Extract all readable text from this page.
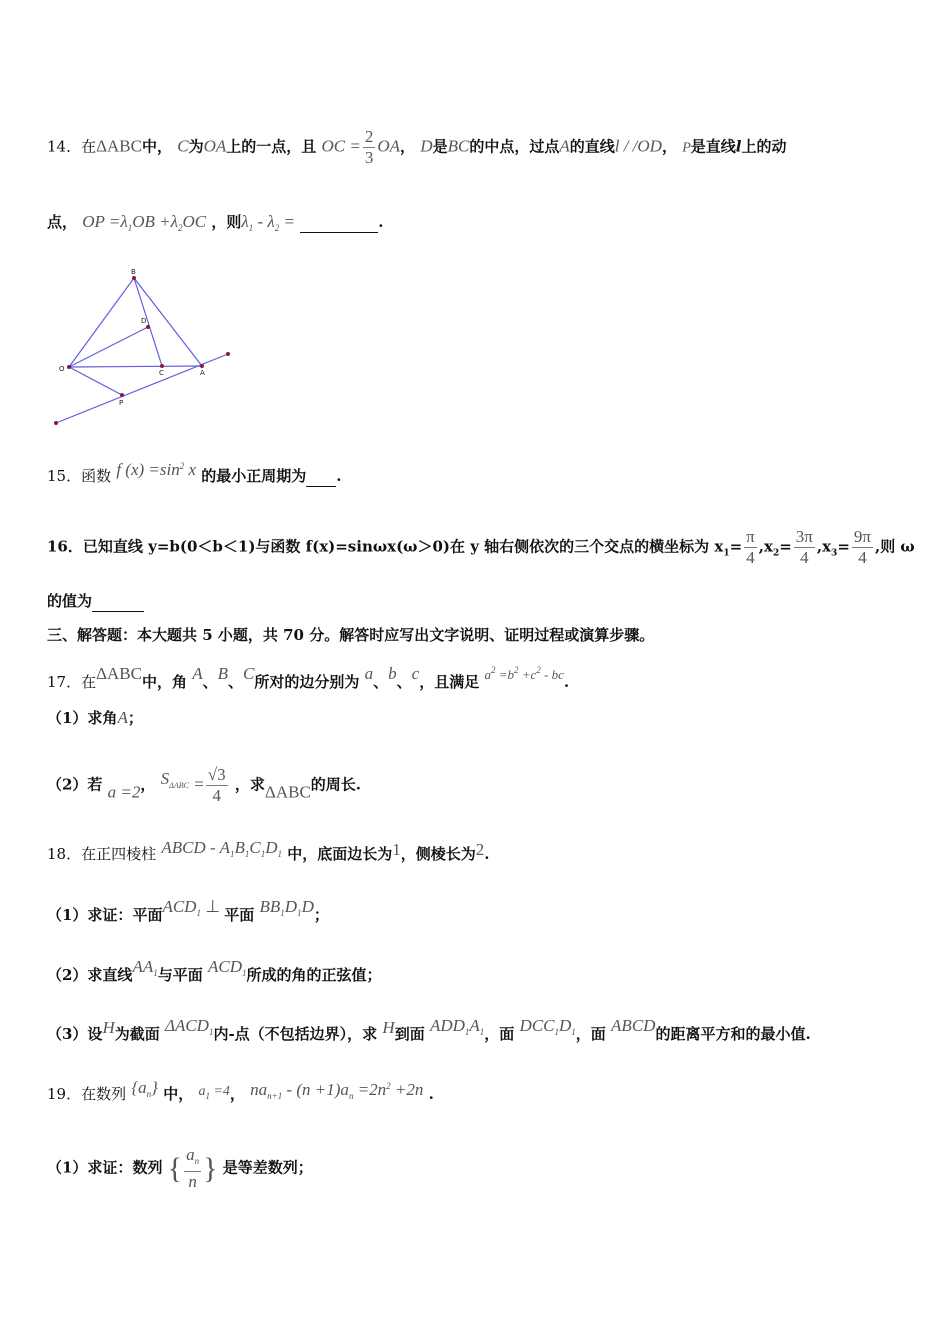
14．在ΔABC中， C为OA上的一点，且 OC = $\frac{2}{3}$ OA， D是BC的中点，过点A的直线l / /OD， P是直线l上的动
点， OP $=\lambda_1OB +\lambda_2OC$ ，则$\lambda_1 - \lambda_2$ =	.
B
D
O	C	A
P
15．函数 f $(x) =\sin^2$ x 的最小正周期为 .
16．已知直线 y=b(0＜b＜1)与函数 f(x)=sinωx(ω＞0)在 y 轴右侧依次的三个交点的横坐标为 $x_1= \frac{\pi}{4} ,x_2= \frac{3\pi}{4} ,x_3= \frac{9\pi}{4}$ ,则 ω
的值为
三、解答题：本大题共 5 小题，共 70 分。解答时应写出文字说明、证明过程或演算步骤。
17．在ΔABC中，角 A、B、C所对的边分别为 a、b、c，且满足 $a^2 =b^2 +c^2$ - bc.
（1）求角A；
（2）若 a =2， $S_{\Delta ABC} = \frac{√3}{4}$ ，求ΔABC的周长.
18．在正四棱柱 ABCD - $A_1B_1C_1D_1$ 中，底面边长为1，侧棱长为2.
（1）求证：平面$ACD_1$ ⊥ 平面 $BB_1D_1D$；
（2）求直线$AA_1$与平面 $ACD_1$所成的角的正弦值；
（3）设H为截面 $\Delta ACD_1$内-点（不包括边界），求 H到面 $ADD_1A_1$，面 $DCC_1D_1$，面 ABCD的距离平方和的最小值.
19．在数列 $\{a_n\}$ 中， $a_1 =4$， $na_{n+1} - (n +1)a_n =2n^2 +2n$ .
（1）求证：数列 { $\frac{a_n}{n}$ } 是等差数列；
